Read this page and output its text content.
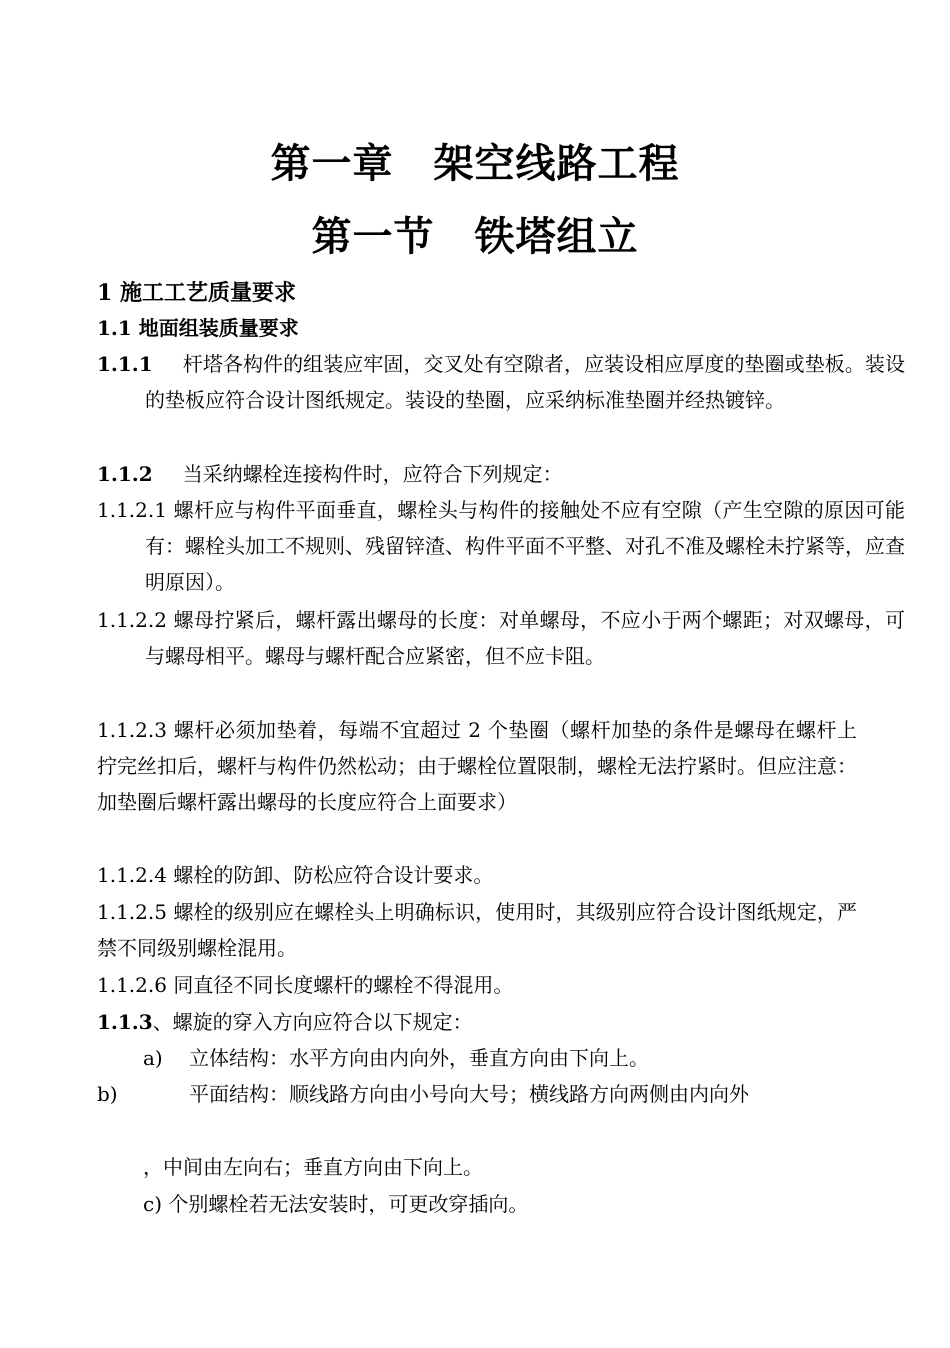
第一章 架空线路工程
第一节 铁塔组立
1 施工工艺质量要求
1.1 地面组装质量要求
1.1.1 杆塔各构件的组装应牢固，交叉处有空隙者，应装设相应厚度的垫圈或垫板。装设的垫板应符合设计图纸规定。装设的垫圈，应采纳标准垫圈并经热镀锌。
1.1.2 当采纳螺栓连接构件时，应符合下列规定：
1.1.2.1 螺杆应与构件平面垂直，螺栓头与构件的接触处不应有空隙（产生空隙的原因可能有：螺栓头加工不规则、残留锌渣、构件平面不平整、对孔不准及螺栓未拧紧等，应查明原因）。
1.1.2.2 螺母拧紧后，螺杆露出螺母的长度：对单螺母，不应小于两个螺距；对双螺母，可与螺母相平。螺母与螺杆配合应紧密，但不应卡阻。
1.1.2.3 螺杆必须加垫着，每端不宜超过 2 个垫圈（螺杆加垫的条件是螺母在螺杆上拧完丝扣后，螺杆与构件仍然松动；由于螺栓位置限制，螺栓无法拧紧时。但应注意：加垫圈后螺杆露出螺母的长度应符合上面要求）
1.1.2.4 螺栓的防卸、防松应符合设计要求。
1.1.2.5 螺栓的级别应在螺栓头上明确标识，使用时，其级别应符合设计图纸规定，严禁不同级别螺栓混用。
1.1.2.6 同直径不同长度螺杆的螺栓不得混用。
1.1.3、螺旋的穿入方向应符合以下规定：
a) 立体结构：水平方向由内向外，垂直方向由下向上。
b)	平面结构：顺线路方向由小号向大号；横线路方向两侧由内向外
，中间由左向右；垂直方向由下向上。
c) 个别螺栓若无法安装时，可更改穿插向。
